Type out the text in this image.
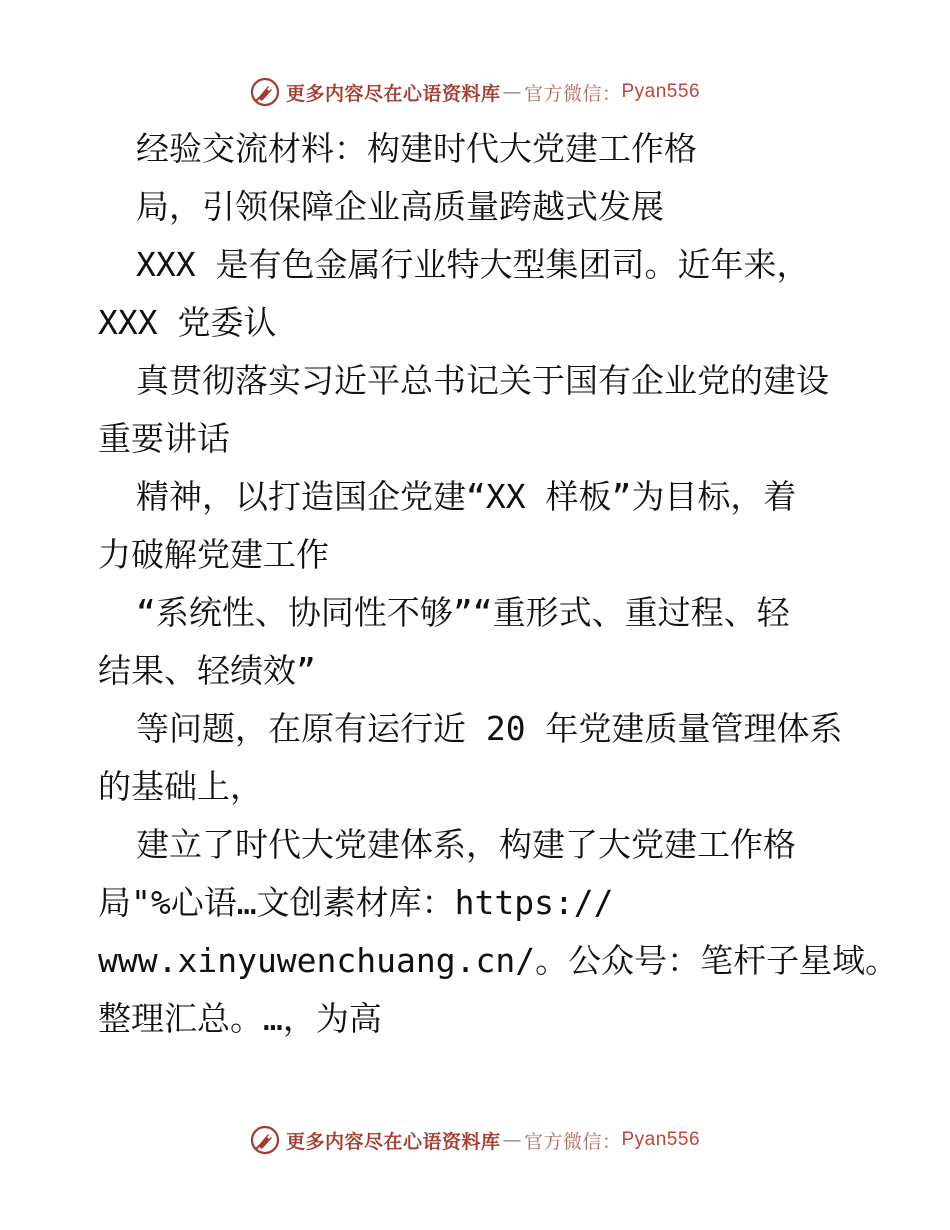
更多内容尽在心语资料库 — 官方微信： Pyan556
经验交流材料：构建时代大党建工作格
局，引领保障企业高质量跨越式发展
XXX 是有色金属行业特大型集团司。近年来，
XXX 党委认
真贯彻落实习近平总书记关于国有企业党的建设
重要讲话
精神，以打造国企党建“XX 样板”为目标，着
力破解党建工作
“系统性、协同性不够”“重形式、重过程、轻
结果、轻绩效”
等问题，在原有运行近 20 年党建质量管理体系
的基础上，
建立了时代大党建体系，构建了大党建工作格
局"%心语…文创素材库：https://
www.xinyuwenchuang.cn/。公众号：笔杆子星域。
整理汇总。…，为高
更多内容尽在心语资料库 — 官方微信： Pyan556
